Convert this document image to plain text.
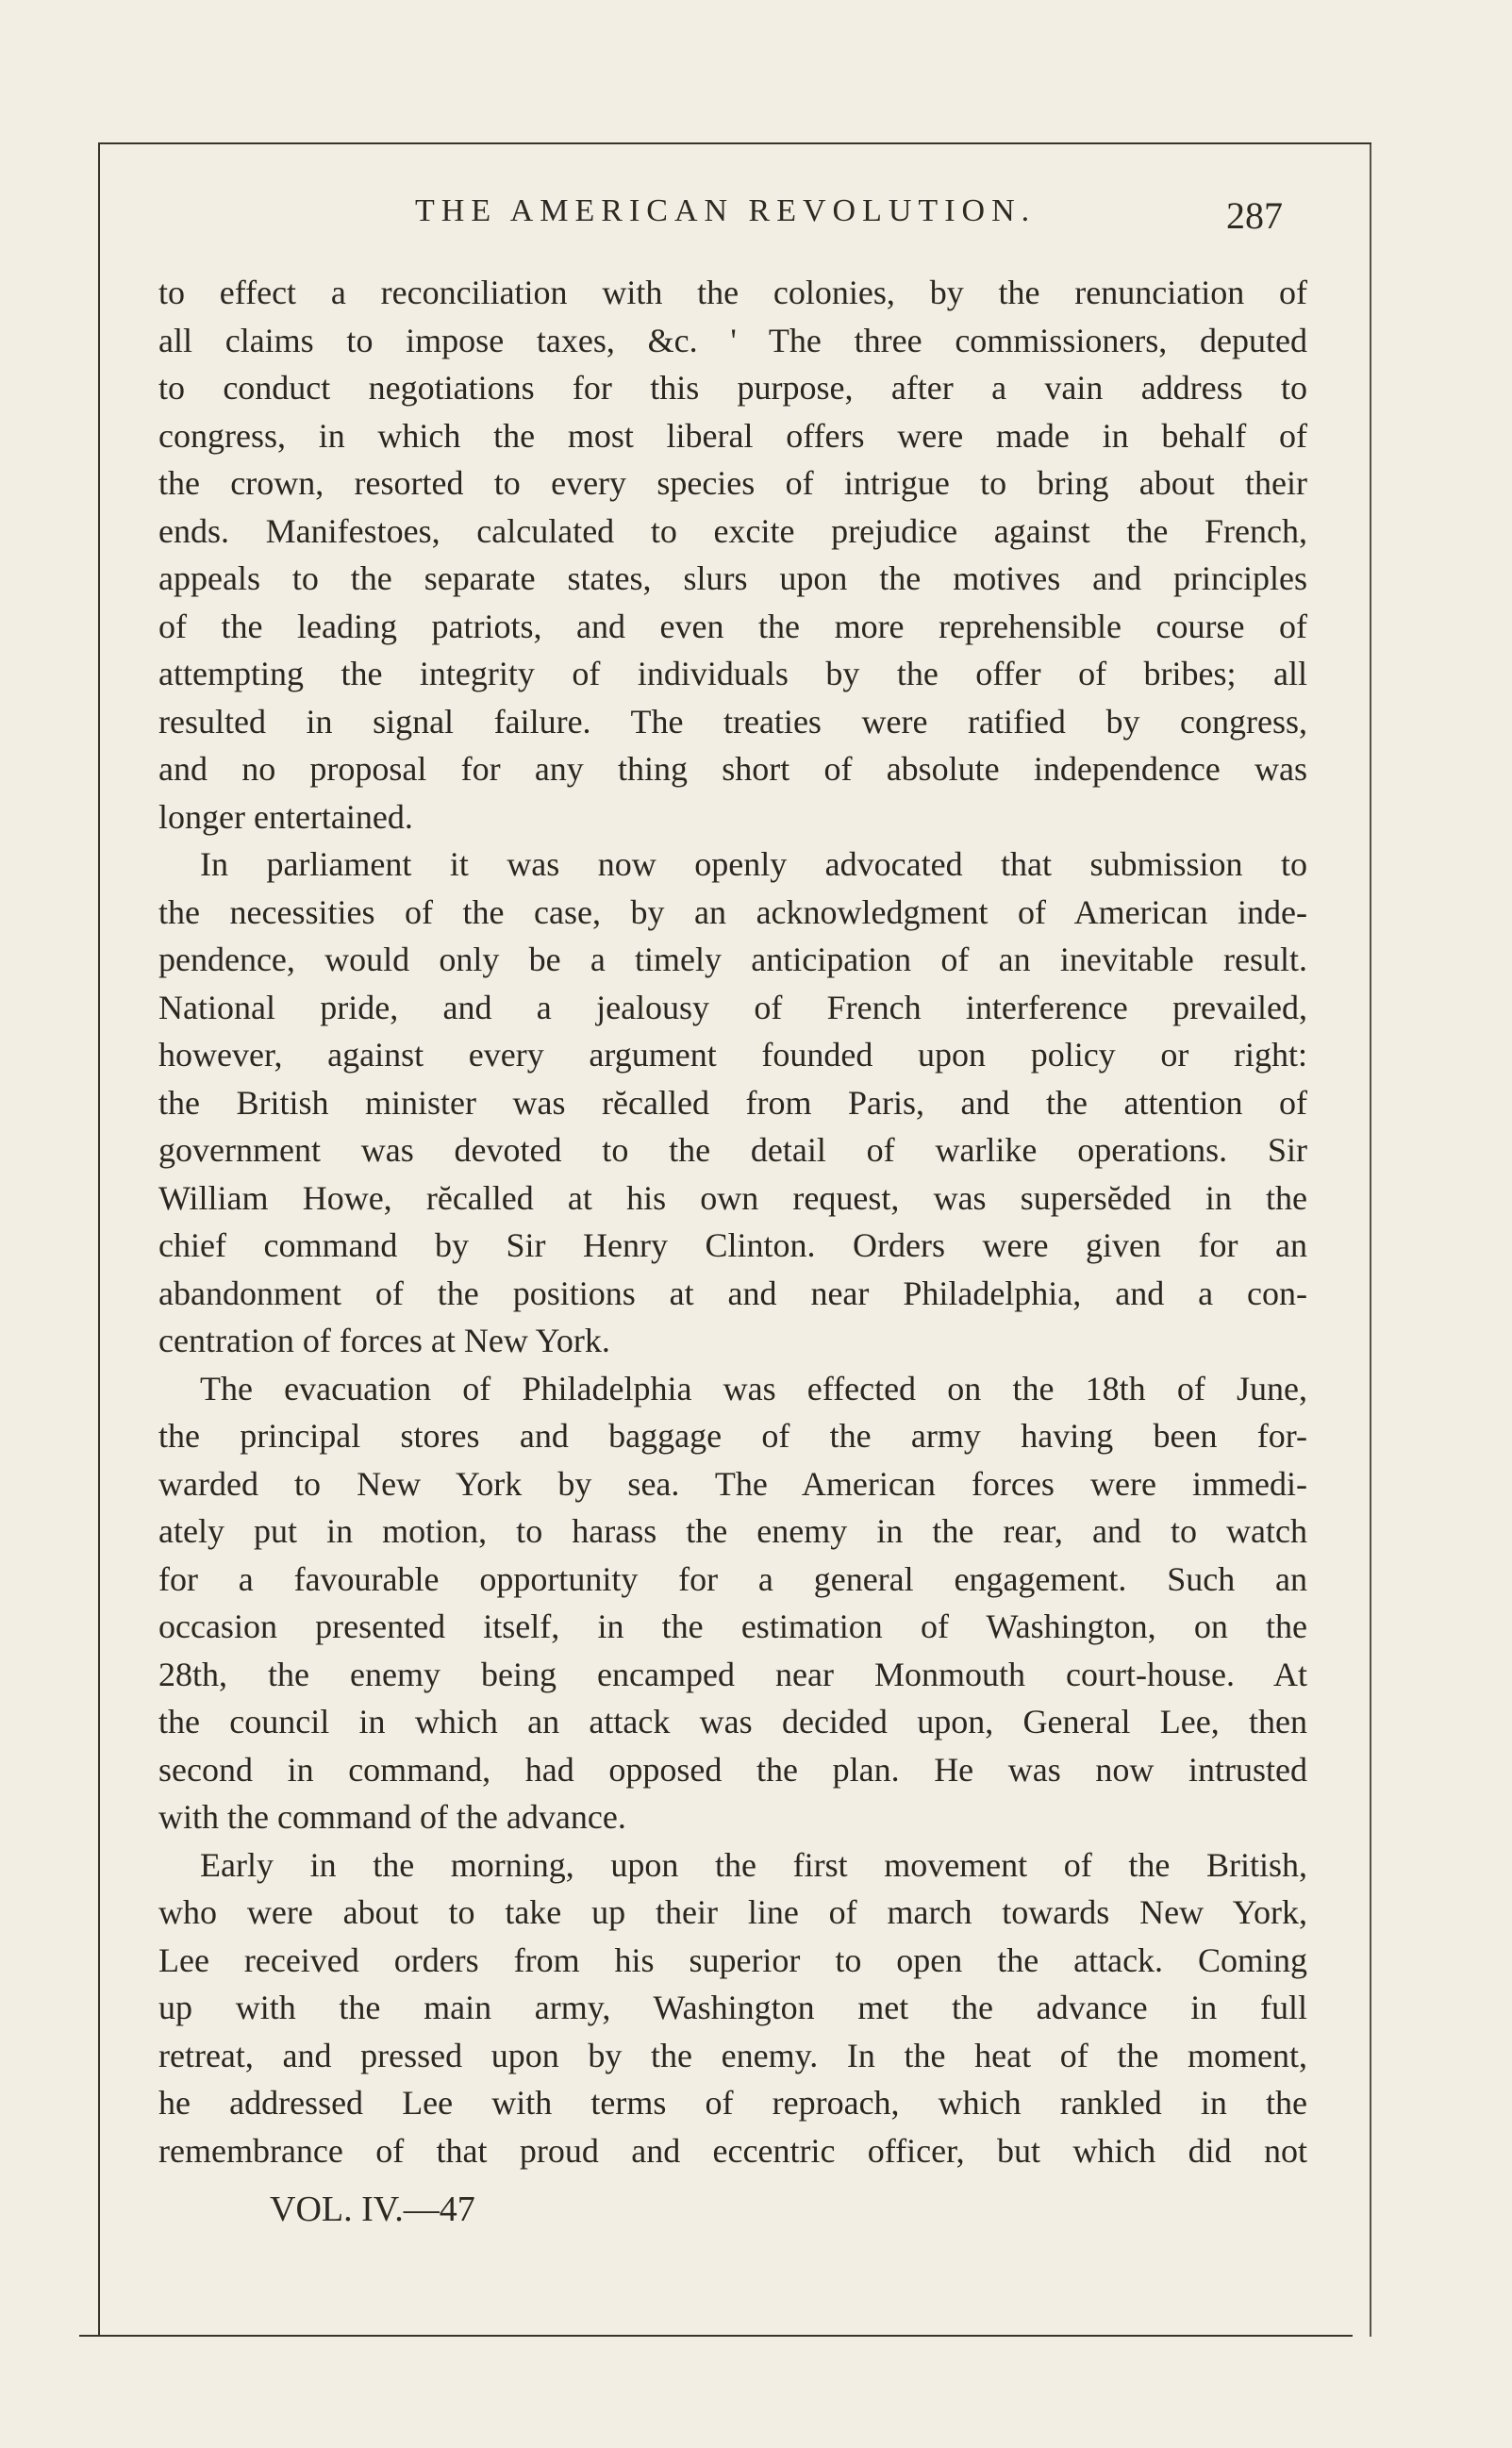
THE AMERICAN REVOLUTION.	287
to effect a reconciliation with the colonies, by the renunciation of
all claims to impose taxes, &c. ' The three commissioners, deputed
to conduct negotiations for this purpose, after a vain address to
congress, in which the most liberal offers were made in behalf of
the crown, resorted to every species of intrigue to bring about their
ends. Manifestoes, calculated to excite prejudice against the French,
appeals to the separate states, slurs upon the motives and principles
of the leading patriots, and even the more reprehensible course of
attempting the integrity of individuals by the offer of bribes; all
resulted in signal failure. The treaties were ratified by congress,
and no proposal for any thing short of absolute independence was
longer entertained.
In parliament it was now openly advocated that submission to
the necessities of the case, by an acknowledgment of American inde-
pendence, would only be a timely anticipation of an inevitable result.
National pride, and a jealousy of French interference prevailed,
however, against every argument founded upon policy or right:
the British minister was rĕcalled from Paris, and the attention of
government was devoted to the detail of warlike operations. Sir
William Howe, rĕcalled at his own request, was supersĕded in the
chief command by Sir Henry Clinton. Orders were given for an
abandonment of the positions at and near Philadelphia, and a con-
centration of forces at New York.
The evacuation of Philadelphia was effected on the 18th of June,
the principal stores and baggage of the army having been for-
warded to New York by sea. The American forces were immedi-
ately put in motion, to harass the enemy in the rear, and to watch
for a favourable opportunity for a general engagement. Such an
occasion presented itself, in the estimation of Washington, on the
28th, the enemy being encamped near Monmouth court-house. At
the council in which an attack was decided upon, General Lee, then
second in command, had opposed the plan. He was now intrusted
with the command of the advance.
Early in the morning, upon the first movement of the British,
who were about to take up their line of march towards New York,
Lee received orders from his superior to open the attack. Coming
up with the main army, Washington met the advance in full
retreat, and pressed upon by the enemy. In the heat of the moment,
he addressed Lee with terms of reproach, which rankled in the
remembrance of that proud and eccentric officer, but which did not
VOL. IV.—47
